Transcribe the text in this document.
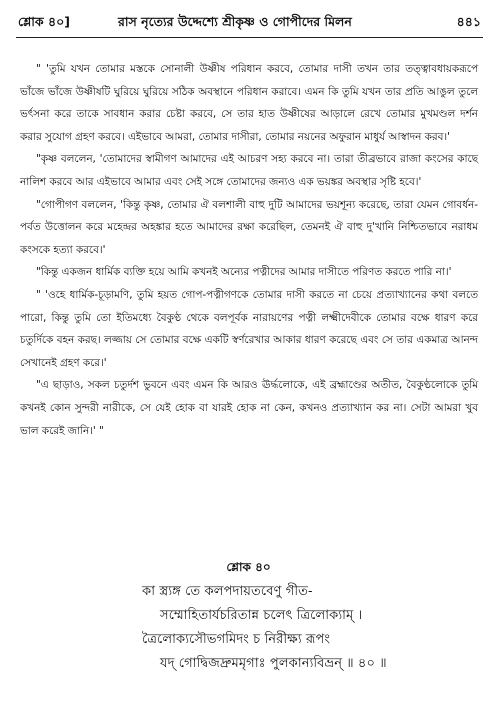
শ্লোক ৪০]	রাস নৃত্যের উদ্দেশ্যে শ্রীকৃষ্ণ ও গোপীদের মিলন	৪৪১

" 'তুমি যখন তোমার মস্তকে সোনালী উষ্ণীষ পরিধান করবে, তোমার দাসী তখন তার তত্ত্বাবধায়করূপে ভাঁজে ভাঁজে উষ্ণীষটি ঘুরিয়ে ঘুরিয়ে সঠিক অবস্থানে পরিধান করাবে। এমন কি তুমি যখন তার প্রতি আঙুল তুলে ভর্ৎসনা করে তাকে সাবধান করার চেষ্টা করবে, সে তার হাত উষ্ণীষের আড়ালে রেখে তোমার মুখমণ্ডল দর্শন করার সুযোগ গ্রহণ করবে। এইভাবে আমরা, তোমার দাসীরা, তোমার নয়নের অফুরান মাধুর্য আস্বাদন করব।'

"কৃষ্ণ বললেন, 'তোমাদের স্বামীগণ আমাদের এই আচরণ সহ্য করবে না। তারা তীব্রভাবে রাজা কংসের কাছে নালিশ করবে আর এইভাবে আমার এবং সেই সঙ্গে তোমাদের জন্যও এক ভয়ঙ্কর অবস্থার সৃষ্টি হবে।'

"গোপীগণ বললেন, 'কিন্তু কৃষ্ণ, তোমার ঐ বলশালী বাহু দুটি আমাদের ভয়শূন্য করেছে, তারা যেমন গোবর্ধন-পর্বত উত্তোলন করে মহেন্দ্রর অহঙ্কার হতে আমাদের রক্ষা করেছিল, তেমনই ঐ বাহু দু'খানি নিশ্চিতভাবে নরাধম কংসকে হত্যা করবে।'

"কিন্তু একজন ধার্মিক ব্যক্তি হয়ে আমি কখনই অন্যের পত্নীদের আমার দাসীতে পরিণত করতে পারি না।'

" 'ওহে ধার্মিক-চূড়ামণি, তুমি হয়ত গোপ-পত্নীগণকে তোমার দাসী করতে না চেয়ে প্রত্যাখ্যানের কথা বলতে পারো, কিন্তু তুমি তো ইতিমধ্যে বৈকুণ্ঠ থেকে বলপূর্বক নারায়ণের পত্নী লক্ষ্মীদেবীকে তোমার বক্ষে ধারণ করে চতুর্দিকে বহন করছ। লজ্জায় সে তোমার বক্ষে একটি স্বর্ণরেখার আকার ধারণ করেছে এবং সে তার একমাত্র আনন্দ সেখানেই গ্রহণ করে।'

"এ ছাড়াও, সকল চতুর্দশ ভুবনে এবং এমন কি আরও ঊর্দ্ধলোকে, এই ব্রহ্মাণ্ডের অতীত, বৈকুণ্ঠলোকে তুমি কখনই কোন সুন্দরী নারীকে, সে যেই হোক বা যারই হোক না কেন, কখনও প্রত্যাখ্যান কর না। সেটা আমরা খুব ভাল করেই জানি।' "

শ্লোক ৪০
কা স্ত্র্যঙ্গ তে কলপদায়তবেণু গীত-
সম্মোহিতার্যচরিতান্ন চলেৎ ত্রিলোক্যাম্ ।
ত্রৈলোক্যসৌভগমিদং চ নিরীক্ষ্য রূপং
যদ্ গোদ্বিজদ্রুমমৃগাঃ পুলকান্যবিভ্রন্ ॥ ৪০ ॥
